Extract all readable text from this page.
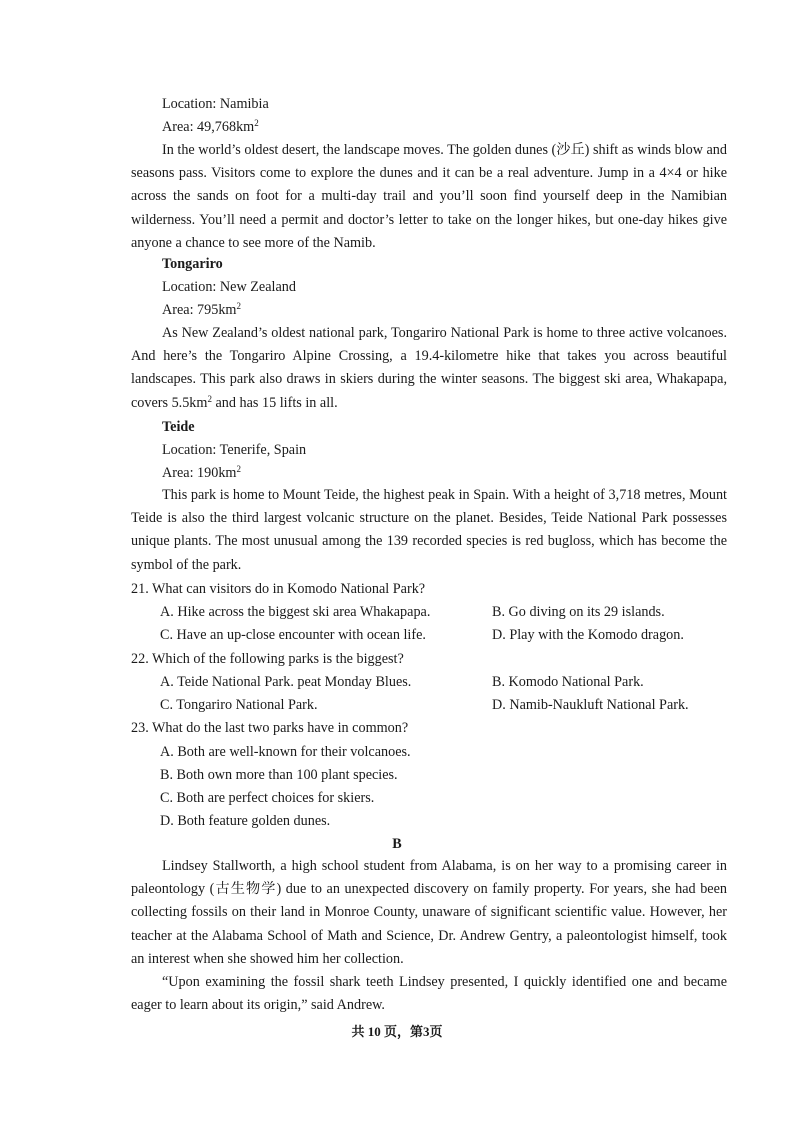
Location: Namibia
Area: $49,768km^2$

In the world’s oldest desert, the landscape moves. The golden dunes (沙丘) shift as winds blow and seasons pass. Visitors come to explore the dunes and it can be a real adventure. Jump in a 4×4 or hike across the sands on foot for a multi-day trail and you’ll soon find yourself deep in the Namibian wilderness. You’ll need a permit and doctor’s letter to take on the longer hikes, but one-day hikes give anyone a chance to see more of the Namib.

Tongariro
Location: New Zealand
Area: $795km^2$

As New Zealand’s oldest national park, Tongariro National Park is home to three active volcanoes. And here’s the Tongariro Alpine Crossing, a 19.4-kilometre hike that takes you across beautiful landscapes. This park also draws in skiers during the winter seasons. The biggest ski area, Whakapapa, covers $5.5km^2$ and has 15 lifts in all.

Teide
Location: Tenerife, Spain
Area: $190km^2$

This park is home to Mount Teide, the highest peak in Spain. With a height of 3,718 metres, Mount Teide is also the third largest volcanic structure on the planet. Besides, Teide National Park possesses unique plants. The most unusual among the 139 recorded species is red bugloss, which has become the symbol of the park.

21. What can visitors do in Komodo National Park?
A. Hike across the biggest ski area Whakapapa.	B. Go diving on its 29 islands.
C. Have an up-close encounter with ocean life.	D. Play with the Komodo dragon.
22. Which of the following parks is the biggest?
A. Teide National Park. peat Monday Blues.	B. Komodo National Park.
C. Tongariro National Park.	D. Namib-Naukluft National Park.
23. What do the last two parks have in common?
A. Both are well-known for their volcanoes.
B. Both own more than 100 plant species.
C. Both are perfect choices for skiers.
D. Both feature golden dunes.
B

Lindsey Stallworth, a high school student from Alabama, is on her way to a promising career in paleontology (古生物学) due to an unexpected discovery on family property. For years, she had been collecting fossils on their land in Monroe County, unaware of significant scientific value. However, her teacher at the Alabama School of Math and Science, Dr. Andrew Gentry, a paleontologist himself, took an interest when she showed him her collection.

“Upon examining the fossil shark teeth Lindsey presented, I quickly identified one and became eager to learn about its origin,” said Andrew.

共 10 页，第3页
